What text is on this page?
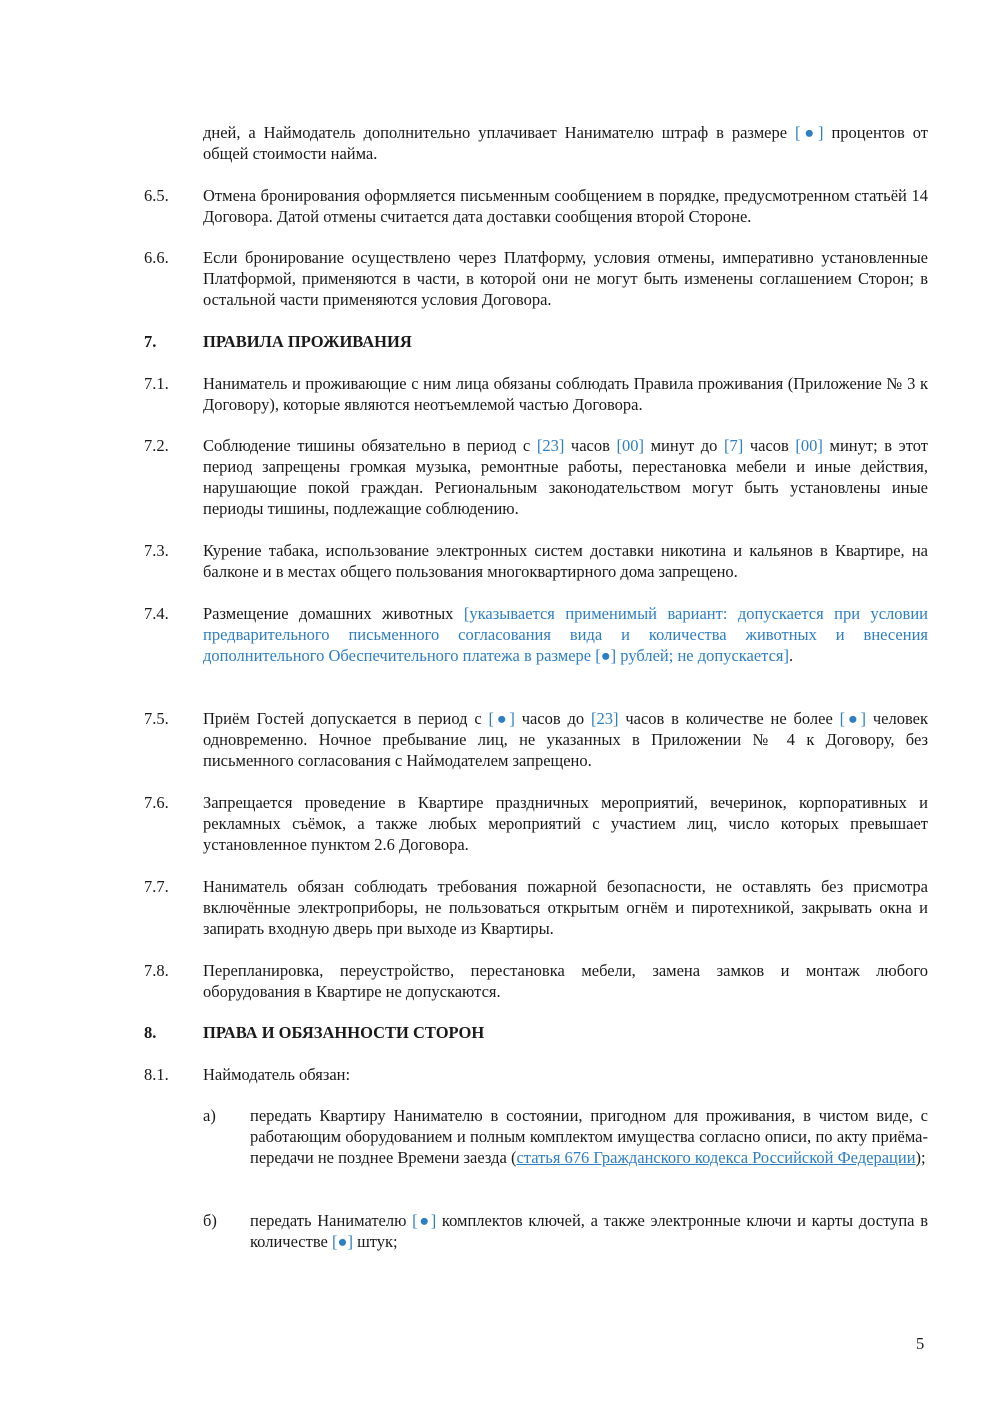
дней, а Наймодатель дополнительно уплачивает Нанимателю штраф в размере [●] процентов от общей стоимости найма.
6.5. Отмена бронирования оформляется письменным сообщением в порядке, предусмотренном статьёй 14 Договора. Датой отмены считается дата доставки сообщения второй Стороне.
6.6. Если бронирование осуществлено через Платформу, условия отмены, императивно установленные Платформой, применяются в части, в которой они не могут быть изменены соглашением Сторон; в остальной части применяются условия Договора.
7.	ПРАВИЛА ПРОЖИВАНИЯ
7.1. Наниматель и проживающие с ним лица обязаны соблюдать Правила проживания (Приложение № 3 к Договору), которые являются неотъемлемой частью Договора.
7.2. Соблюдение тишины обязательно в период с [23] часов [00] минут до [7] часов [00] минут; в этот период запрещены громкая музыка, ремонтные работы, перестановка мебели и иные действия, нарушающие покой граждан. Региональным законодательством могут быть установлены иные периоды тишины, подлежащие соблюдению.
7.3. Курение табака, использование электронных систем доставки никотина и кальянов в Квартире, на балконе и в местах общего пользования многоквартирного дома запрещено.
7.4. Размещение домашних животных [указывается применимый вариант: допускается при условии предварительного письменного согласования вида и количества животных и внесения дополнительного Обеспечительного платежа в размере [●] рублей; не допускается].
7.5. Приём Гостей допускается в период с [●] часов до [23] часов в количестве не более [●] человек одновременно. Ночное пребывание лиц, не указанных в Приложении № 4 к Договору, без письменного согласования с Наймодателем запрещено.
7.6. Запрещается проведение в Квартире праздничных мероприятий, вечеринок, корпоративных и рекламных съёмок, а также любых мероприятий с участием лиц, число которых превышает установленное пунктом 2.6 Договора.
7.7. Наниматель обязан соблюдать требования пожарной безопасности, не оставлять без присмотра включённые электроприборы, не пользоваться открытым огнём и пиротехникой, закрывать окна и запирать входную дверь при выходе из Квартиры.
7.8. Перепланировка, переустройство, перестановка мебели, замена замков и монтаж любого оборудования в Квартире не допускаются.
8.	ПРАВА И ОБЯЗАННОСТИ СТОРОН
8.1. Наймодатель обязан:
а) передать Квартиру Нанимателю в состоянии, пригодном для проживания, в чистом виде, с работающим оборудованием и полным комплектом имущества согласно описи, по акту приёма-передачи не позднее Времени заезда (статья 676 Гражданского кодекса Российской Федерации);
б) передать Нанимателю [●] комплектов ключей, а также электронные ключи и карты доступа в количестве [●] штук;
5
